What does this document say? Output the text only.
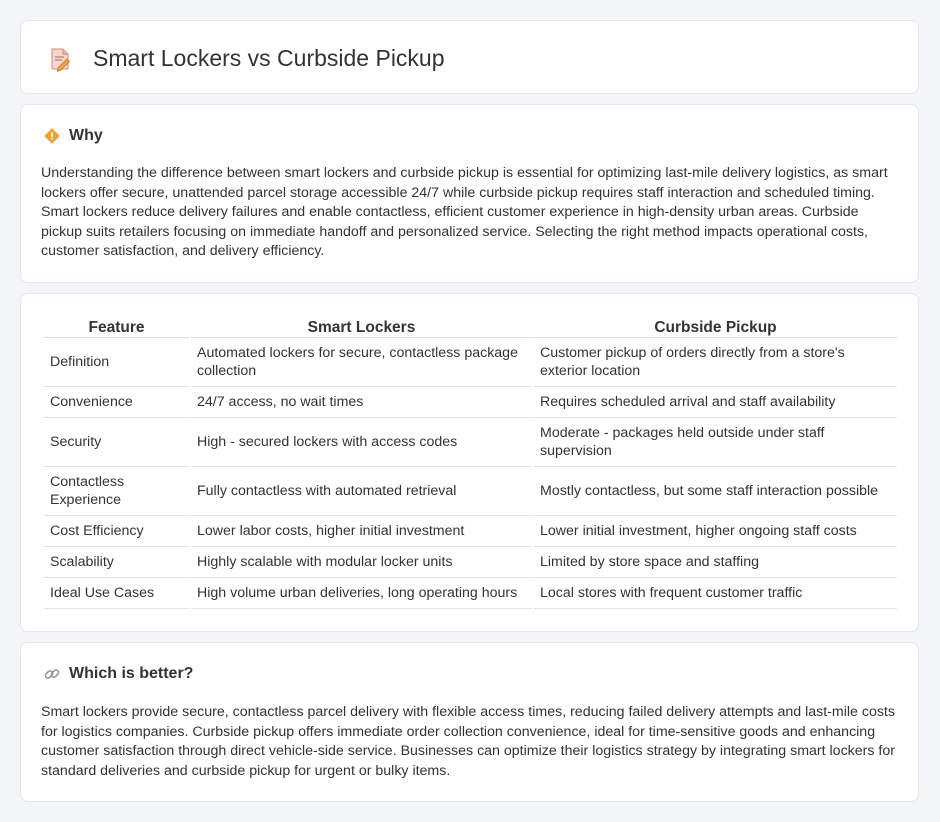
Smart Lockers vs Curbside Pickup
Why

Understanding the difference between smart lockers and curbside pickup is essential for optimizing last-mile delivery logistics, as smart lockers offer secure, unattended parcel storage accessible 24/7 while curbside pickup requires staff interaction and scheduled timing. Smart lockers reduce delivery failures and enable contactless, efficient customer experience in high-density urban areas. Curbside pickup suits retailers focusing on immediate handoff and personalized service. Selecting the right method impacts operational costs, customer satisfaction, and delivery efficiency.

Feature	Smart Lockers	Curbside Pickup
Definition	Automated lockers for secure, contactless package collection	Customer pickup of orders directly from a store's exterior location
Convenience	24/7 access, no wait times	Requires scheduled arrival and staff availability
Security	High - secured lockers with access codes	Moderate - packages held outside under staff supervision
Contactless Experience	Fully contactless with automated retrieval	Mostly contactless, but some staff interaction possible
Cost Efficiency	Lower labor costs, higher initial investment	Lower initial investment, higher ongoing staff costs
Scalability	Highly scalable with modular locker units	Limited by store space and staffing
Ideal Use Cases	High volume urban deliveries, long operating hours	Local stores with frequent customer traffic
Which is better?

Smart lockers provide secure, contactless parcel delivery with flexible access times, reducing failed delivery attempts and last-mile costs for logistics companies. Curbside pickup offers immediate order collection convenience, ideal for time-sensitive goods and enhancing customer satisfaction through direct vehicle-side service. Businesses can optimize their logistics strategy by integrating smart lockers for standard deliveries and curbside pickup for urgent or bulky items.
